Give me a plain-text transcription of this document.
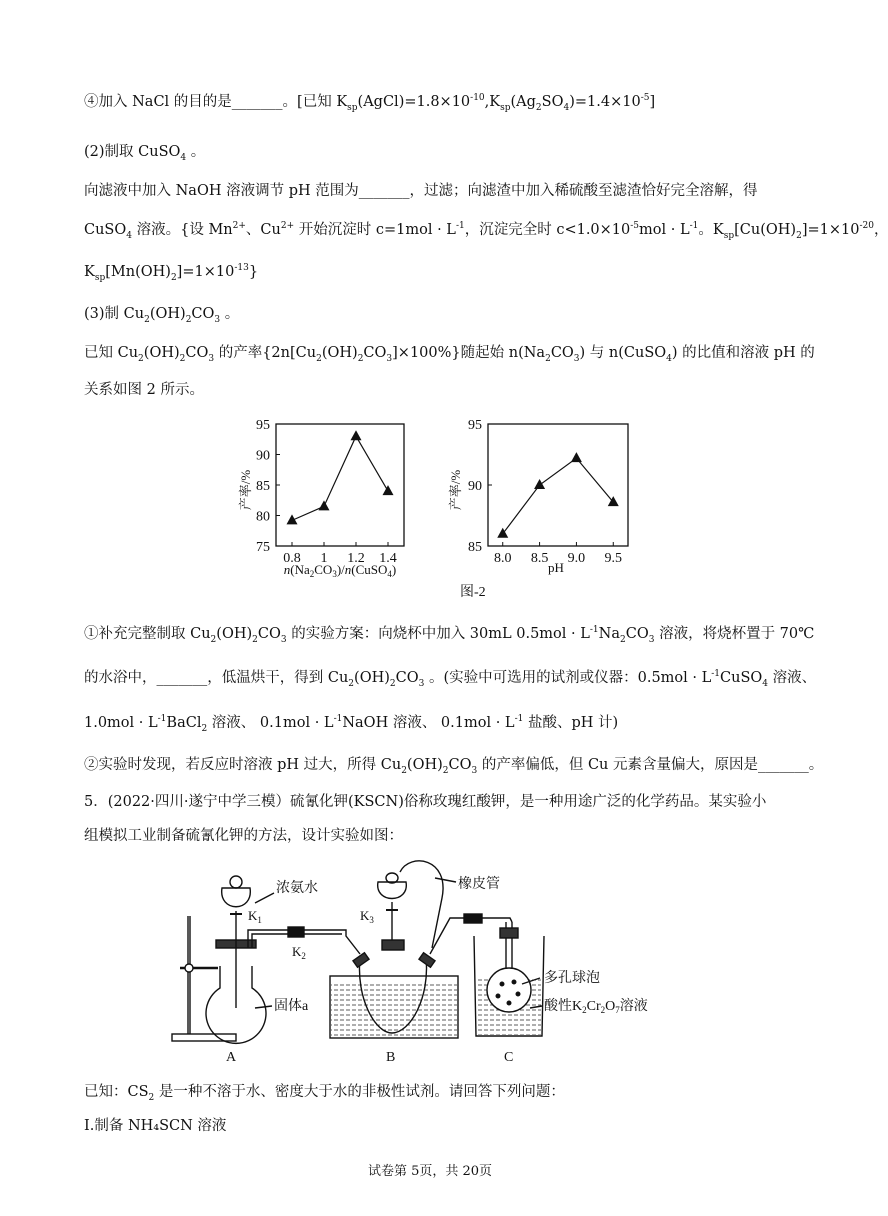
④加入 NaCl 的目的是_______。[已知 $K_{sp}(AgCl)=1.8\times 10^{-10},K_{sp}(Ag_2SO_4)=1.4\times 10^{-5}$]
(2)制取 CuSO$_4$ 。
向滤液中加入 NaOH 溶液调节 pH 范围为_______，过滤；向滤渣中加入稀硫酸至滤渣恰好完全溶解，得
CuSO$_4$ 溶液。{设 $Mn^{2+}$、$Cu^{2+}$ 开始沉淀时 $c=1mol \cdot L^{-1}$，沉淀完全时 $c<1.0\times 10^{-5}mol \cdot L^{-1}$。$K_{sp}[Cu(OH)_2]=1\times 10^{-20}$，
$K_{sp}[Mn(OH)_2]=1\times 10^{-13}$}
(3)制 $Cu_2(OH)_2CO_3$ 。
已知 $Cu_2(OH)_2CO_3$ 的产率$\{2n[Cu_2(OH)_2CO_3]\times 100\%\}$随起始 $n(Na_2CO_3)$ 与 n(CuSO$_4$) 的比值和溶液 pH 的
关系如图 2 所示。
产率/%
$n(Na_2CO_3)/n(CuSO_4)$
75
80
85
90
95
0.8 1 1.2 1.4
产率/%
pH
85
90
95
8.0 8.5 9.0 9.5
图-2
①补充完整制取 $Cu_2(OH)_2CO_3$ 的实验方案：向烧杯中加入 30mL $0.5mol \cdot L^{-1}Na_2CO_3$ 溶液，将烧杯置于 70℃
的水浴中，_______，低温烘干，得到 $Cu_2(OH)_2CO_3$ 。(实验中可选用的试剂或仪器：$0.5mol \cdot L^{-1}CuSO_4$ 溶液、
$1.0mol \cdot L^{-1}BaCl_2$ 溶液、 $0.1mol \cdot L^{-1}NaOH$ 溶液、 $0.1mol \cdot L^{-1}$ 盐酸、pH 计)
②实验时发现，若反应时溶液 pH 过大，所得 $Cu_2(OH)_2CO_3$ 的产率偏低，但 Cu 元素含量偏大，原因是_______。
5．(2022·四川·遂宁中学三模）硫氰化钾(KSCN)俗称玫瑰红酸钾，是一种用途广泛的化学药品。某实验小
组模拟工业制备硫氰化钾的方法，设计实验如图：
浓氨水
$K_1$
$K_2$
$K_3$
橡皮管
固体a
多孔球泡
酸性$K_2Cr_2O_7$溶液
A	B	C
已知：$CS_2$ 是一种不溶于水、密度大于水的非极性试剂。请回答下列问题：
I.制备 NH₄SCN 溶液
试卷第 5页，共 20页
